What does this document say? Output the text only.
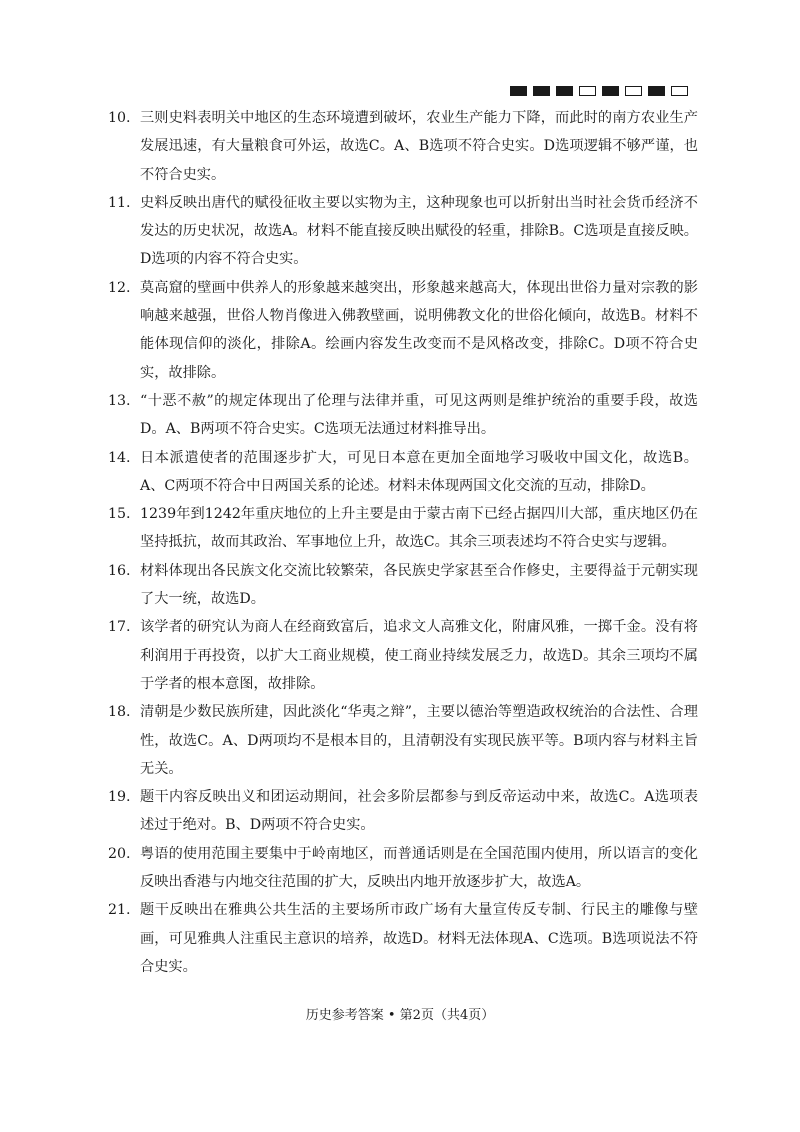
10. 三则史料表明关中地区的生态环境遭到破坏，农业生产能力下降，而此时的南方农业生产发展迅速，有大量粮食可外运，故选C。A、B选项不符合史实。D选项逻辑不够严谨，也不符合史实。
11. 史料反映出唐代的赋役征收主要以实物为主，这种现象也可以折射出当时社会货币经济不发达的历史状况，故选A。材料不能直接反映出赋役的轻重，排除B。C选项是直接反映。D选项的内容不符合史实。
12. 莫高窟的壁画中供养人的形象越来越突出，形象越来越高大，体现出世俗力量对宗教的影响越来越强，世俗人物肖像进入佛教壁画，说明佛教文化的世俗化倾向，故选B。材料不能体现信仰的淡化，排除A。绘画内容发生改变而不是风格改变，排除C。D项不符合史实，故排除。
13. “十恶不赦”的规定体现出了伦理与法律并重，可见这两则是维护统治的重要手段，故选D。A、B两项不符合史实。C选项无法通过材料推导出。
14. 日本派遣使者的范围逐步扩大，可见日本意在更加全面地学习吸收中国文化，故选B。A、C两项不符合中日两国关系的论述。材料未体现两国文化交流的互动，排除D。
15. 1239年到1242年重庆地位的上升主要是由于蒙古南下已经占据四川大部，重庆地区仍在坚持抵抗，故而其政治、军事地位上升，故选C。其余三项表述均不符合史实与逻辑。
16. 材料体现出各民族文化交流比较繁荣，各民族史学家甚至合作修史，主要得益于元朝实现了大一统，故选D。
17. 该学者的研究认为商人在经商致富后，追求文人高雅文化，附庸风雅，一掷千金。没有将利润用于再投资，以扩大工商业规模，使工商业持续发展乏力，故选D。其余三项均不属于学者的根本意图，故排除。
18. 清朝是少数民族所建，因此淡化“华夷之辩”，主要以德治等塑造政权统治的合法性、合理性，故选C。A、D两项均不是根本目的，且清朝没有实现民族平等。B项内容与材料主旨无关。
19. 题干内容反映出义和团运动期间，社会多阶层都参与到反帝运动中来，故选C。A选项表述过于绝对。B、D两项不符合史实。
20. 粤语的使用范围主要集中于岭南地区，而普通话则是在全国范围内使用，所以语言的变化反映出香港与内地交往范围的扩大，反映出内地开放逐步扩大，故选A。
21. 题干反映出在雅典公共生活的主要场所市政广场有大量宣传反专制、行民主的雕像与壁画，可见雅典人注重民主意识的培养，故选D。材料无法体现A、C选项。B选项说法不符合史实。
历史参考答案 • 第2页（共4页）
